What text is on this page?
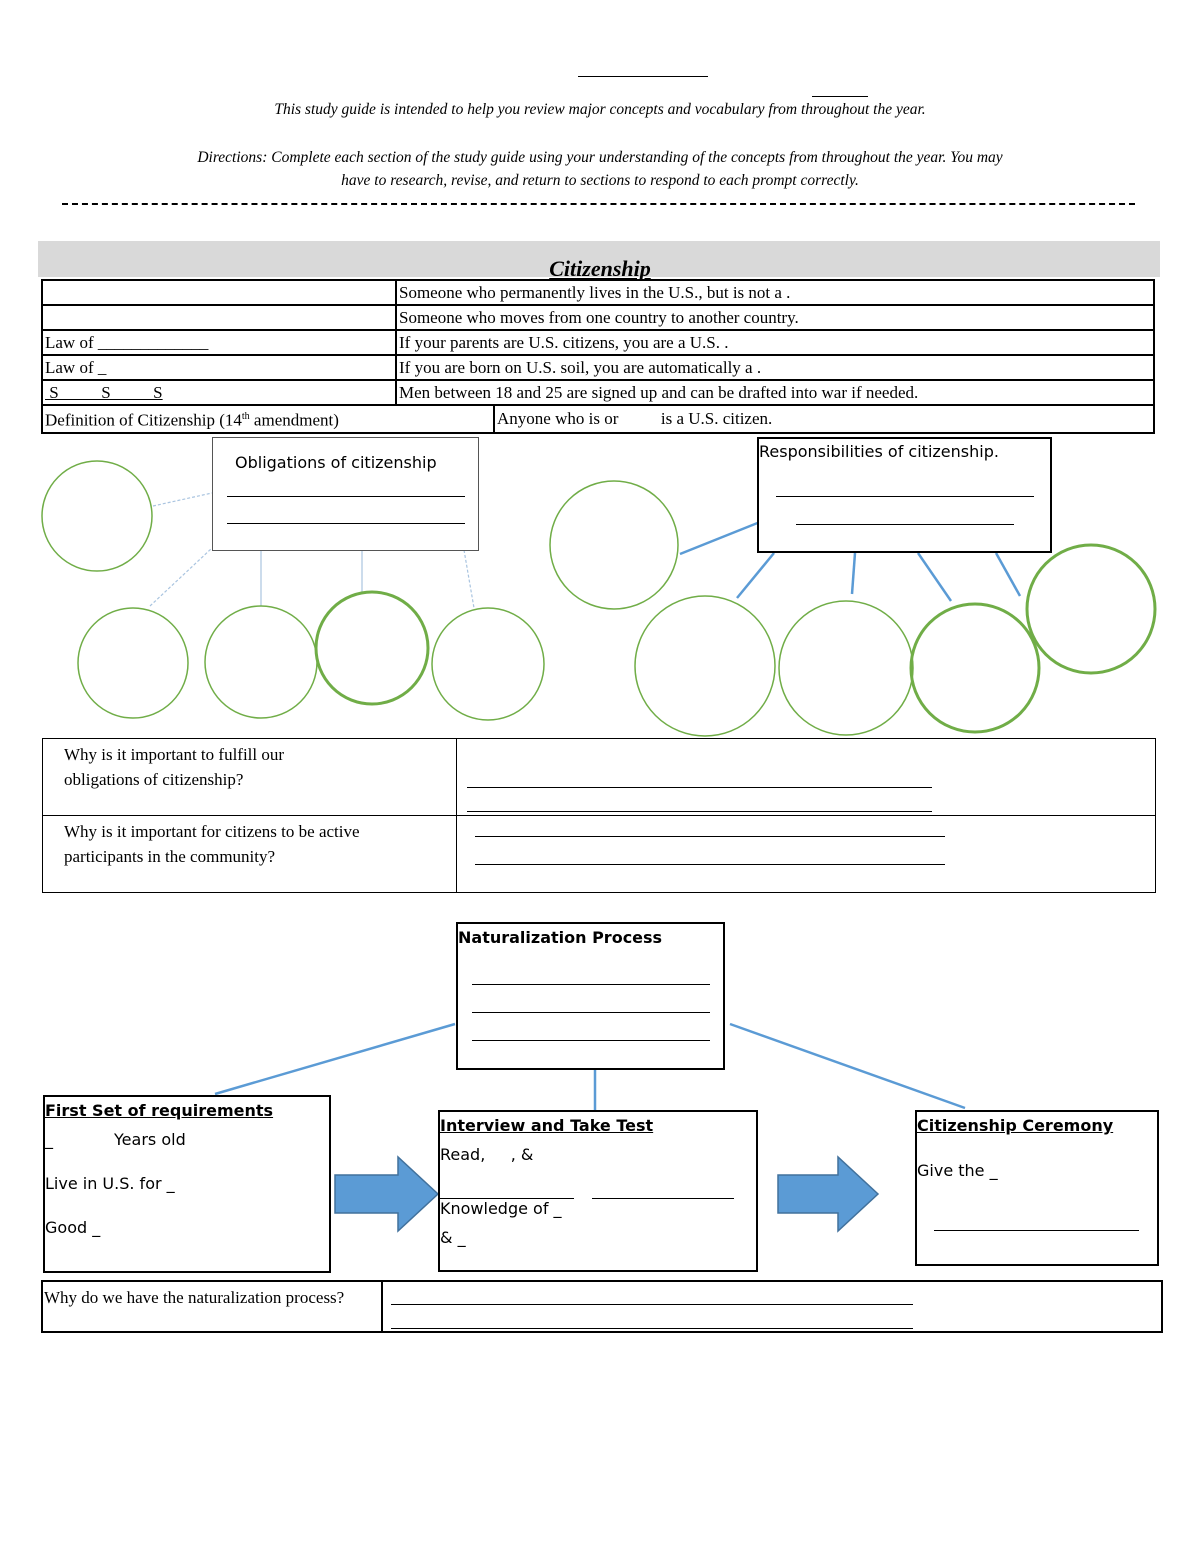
This study guide is intended to help you review major concepts and vocabulary from throughout the year.
Directions: Complete each section of the study guide using your understanding of the concepts from throughout the year. You may
have to research, revise, and return to sections to respond to each prompt correctly.
Citizenship
	Someone who permanently lives in the U.S., but is not a .	
	Someone who moves from one country to another country.	
Law of _____________	If your parents are U.S. citizens, you are a U.S. .	
Law of _	If you are born on U.S. soil, you are automatically a .	
S          S          S	Men between 18 and 25 are signed up and can be drafted into war if needed.	
Definition of Citizenship (14th amendment)		Anyone who is or          is a U.S. citizen.
Obligations of citizenship
Responsibilities of citizenship.
Why is it important to fulfill our obligations of citizenship?	

Why is it important for citizens to be active participants in the community?	

Naturalization Process
First Set of requirements
_            Years old
Live in U.S. for _
Good _
Interview and Take Test
Read,     , &
Knowledge of _
& _
Citizenship Ceremony
Give the _
Why do we have the naturalization process?
